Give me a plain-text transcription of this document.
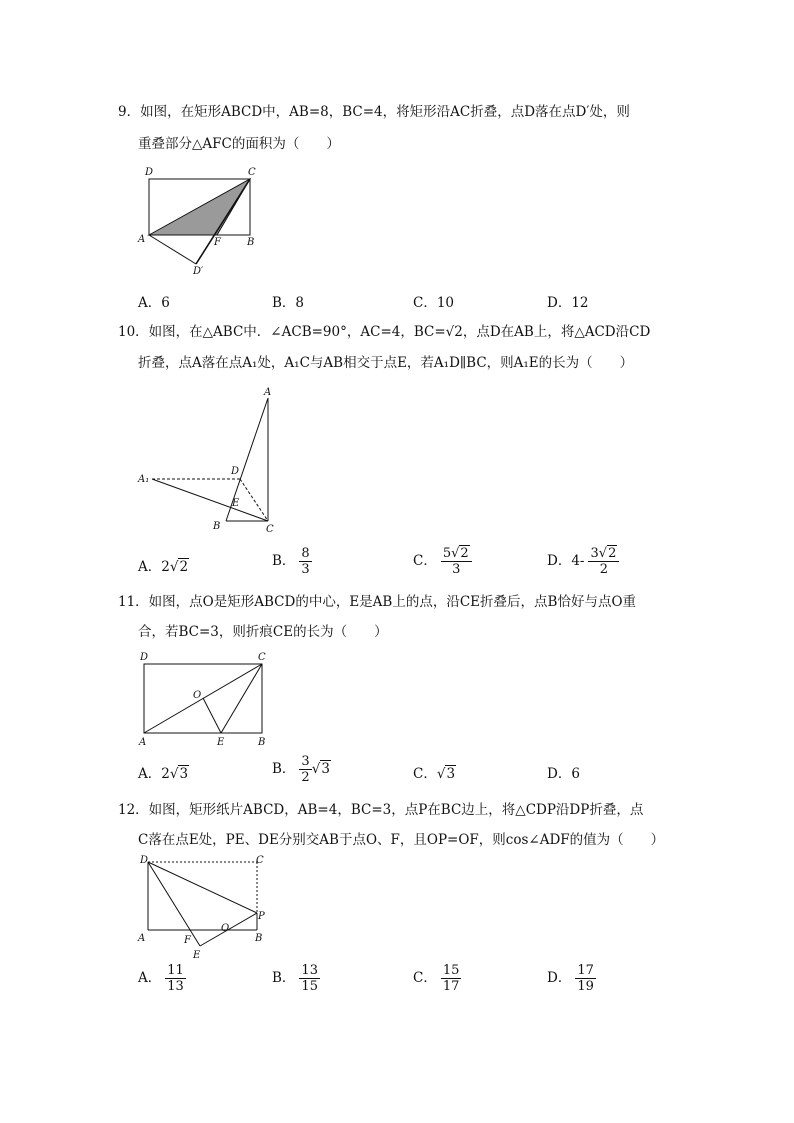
9．如图，在矩形ABCD中，AB=8，BC=4，将矩形沿AC折叠，点D落在点D′处，则
重叠部分△AFC的面积为（　　）
D	C
A	F	B
D′
A．6	B．8	C．10	D．12
10．如图，在△ABC中．∠ACB=90°，AC=4，BC=√2，点D在AB上，将△ACD沿CD
折叠，点A落在点A₁处，A₁C与AB相交于点E，若A₁D∥BC，则A₁E的长为（　　）
A
D
A₁
E
B	C
A．2√2	B． $\frac{8}{3}$	C． $\frac{5√2}{3}$	D．$4- \frac{3√2}{2}$
11．如图，点O是矩形ABCD的中心，E是AB上的点，沿CE折叠后，点B恰好与点O重
合，若BC=3，则折痕CE的长为（　　）
D	C
O
A	E	B
A．2√3	B． $\frac{3}{2} √3$	C．√3	D．6
12．如图，矩形纸片ABCD，AB=4，BC=3，点P在BC边上，将△CDP沿DP折叠，点
C落在点E处，PE、DE分别交AB于点O、F，且OP=OF，则cos∠ADF的值为（　　）
D	C
P
A	F
O
B
E
A． $\frac{11}{13}$	B． $\frac{13}{15}$	C． $\frac{15}{17}$	D． $\frac{17}{19}$
